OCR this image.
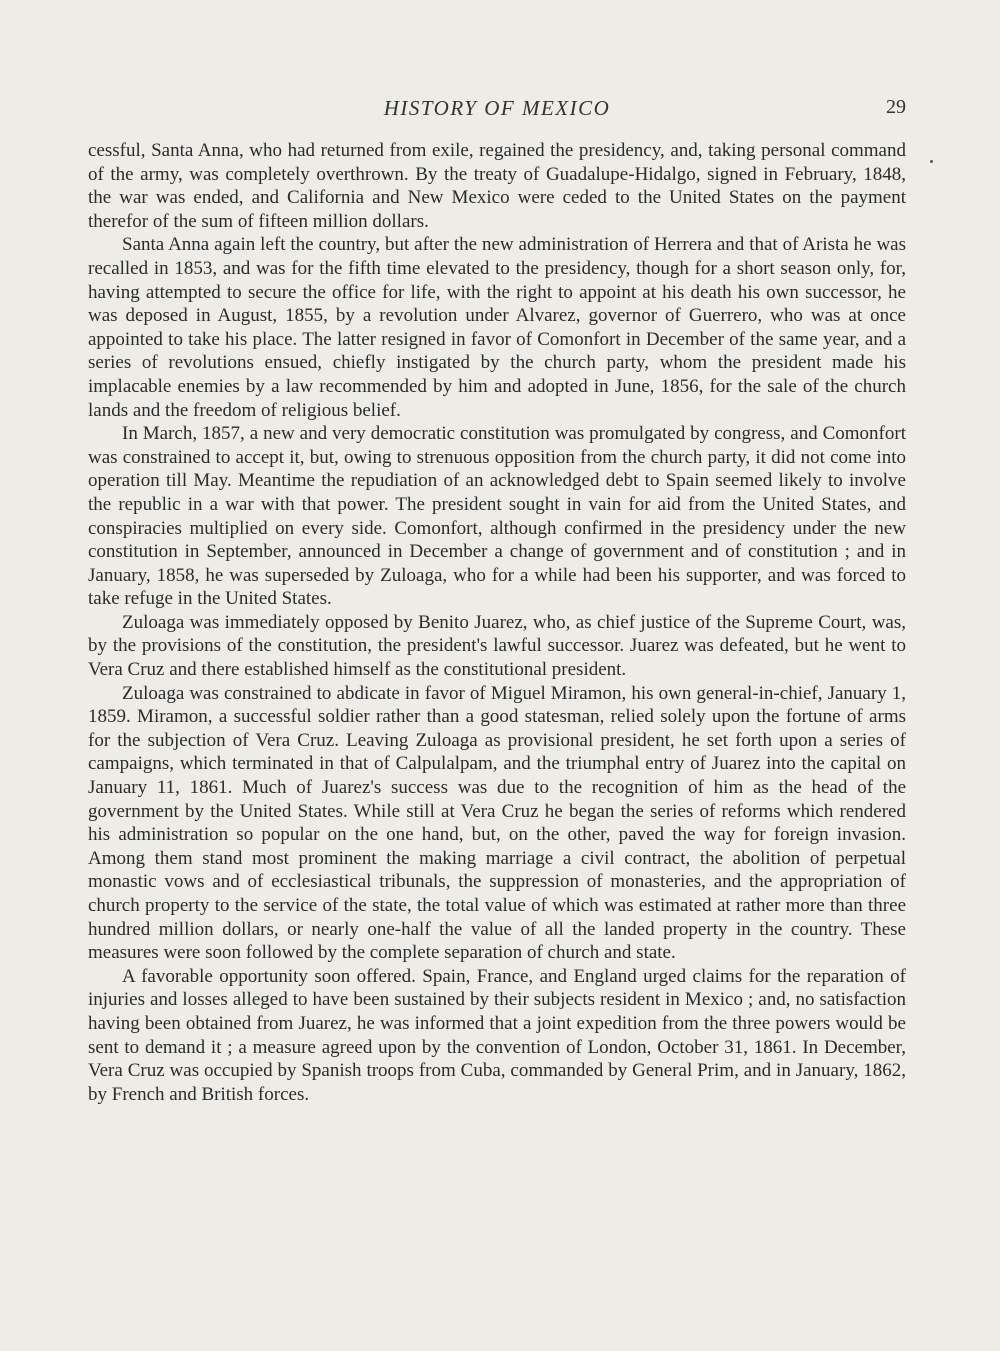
HISTORY OF MEXICO	29

cessful, Santa Anna, who had returned from exile, regained the presidency, and, taking personal command of the army, was completely overthrown. By the treaty of Guadalupe-Hidalgo, signed in February, 1848, the war was ended, and California and New Mexico were ceded to the United States on the payment therefor of the sum of fifteen million dollars.

Santa Anna again left the country, but after the new administration of Herrera and that of Arista he was recalled in 1853, and was for the fifth time elevated to the presidency, though for a short season only, for, having attempted to secure the office for life, with the right to appoint at his death his own successor, he was deposed in August, 1855, by a revolution under Alvarez, governor of Guerrero, who was at once appointed to take his place. The latter resigned in favor of Comonfort in December of the same year, and a series of revolutions ensued, chiefly instigated by the church party, whom the president made his implacable enemies by a law recommended by him and adopted in June, 1856, for the sale of the church lands and the freedom of religious belief.

In March, 1857, a new and very democratic constitution was promulgated by congress, and Comonfort was constrained to accept it, but, owing to strenuous opposition from the church party, it did not come into operation till May. Meantime the repudiation of an acknowledged debt to Spain seemed likely to involve the republic in a war with that power. The president sought in vain for aid from the United States, and conspiracies multiplied on every side. Comonfort, although confirmed in the presidency under the new constitution in September, announced in December a change of government and of constitution ; and in January, 1858, he was superseded by Zuloaga, who for a while had been his supporter, and was forced to take refuge in the United States.

Zuloaga was immediately opposed by Benito Juarez, who, as chief justice of the Supreme Court, was, by the provisions of the constitution, the president's lawful successor. Juarez was defeated, but he went to Vera Cruz and there established himself as the constitutional president.

Zuloaga was constrained to abdicate in favor of Miguel Miramon, his own general-in-chief, January 1, 1859. Miramon, a successful soldier rather than a good statesman, relied solely upon the fortune of arms for the subjection of Vera Cruz. Leaving Zuloaga as provisional president, he set forth upon a series of campaigns, which terminated in that of Calpulalpam, and the triumphal entry of Juarez into the capital on January 11, 1861. Much of Juarez's success was due to the recognition of him as the head of the government by the United States. While still at Vera Cruz he began the series of reforms which rendered his administration so popular on the one hand, but, on the other, paved the way for foreign invasion. Among them stand most prominent the making marriage a civil contract, the abolition of perpetual monastic vows and of ecclesiastical tribunals, the suppression of monasteries, and the appropriation of church property to the service of the state, the total value of which was estimated at rather more than three hundred million dollars, or nearly one-half the value of all the landed property in the country. These measures were soon followed by the complete separation of church and state.

A favorable opportunity soon offered. Spain, France, and England urged claims for the reparation of injuries and losses alleged to have been sustained by their subjects resident in Mexico ; and, no satisfaction having been obtained from Juarez, he was informed that a joint expedition from the three powers would be sent to demand it ; a measure agreed upon by the convention of London, October 31, 1861. In December, Vera Cruz was occupied by Spanish troops from Cuba, commanded by General Prim, and in January, 1862, by French and British forces.
